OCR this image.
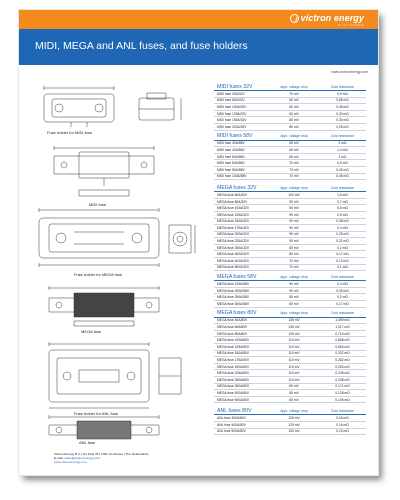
victron energy
BLUE POWER
MIDI, MEGA and ANL fuses, and fuse holders
www.victronenergy.com
Fuse holder for MIDI fuse
MIDI fuse
Fuse holder for MEGA fuse
MEGA fuse
Fuse holder for ANL fuse
ANL fuse
MIDI fuses 32V	Appr. voltage drop	Cold resistance
MIDI fuse 40A/32V	70 mV	0,9 mΩ
MIDI fuse 60A/32V	60 mV	0,55 mΩ
MIDI fuse 100A/32V	60 mV	0,45 mΩ
MIDI fuse 125A/32V	60 mV	0,30 mΩ
MIDI fuse 150A/32V	80 mV	0,30 mΩ
MIDI fuse 200A/32V	80 mV	0,25 mΩ
MIDI fuses 58V	Appr. voltage drop	Cold resistance
MIDI fuse 30A/58V	65 mV	2 mΩ
MIDI fuse 40A/58V	65 mV	1,4 mΩ
MIDI fuse 50A/58V	65 mV	1 mΩ
MIDI fuse 60A/58V	70 mV	0,9 mΩ
MIDI fuse 80A/58V	70 mV	0,42 mΩ
MIDI fuse 100A/58V	70 mV	0,45 mΩ
MEGA fuses 32V	Appr. voltage drop	Cold resistance
MEGA fuse 60A/32V	120 mV	1,5 mΩ
MEGA fuse 80A/32V	90 mV	0,7 mΩ
MEGA fuse 100A/32V	90 mV	0,6 mΩ
MEGA fuse 125A/32V	90 mV	0,5 mΩ
MEGA fuse 150A/32V	90 mV	0,38 mΩ
MEGA fuse 175A/32V	90 mV	0,3 mΩ
MEGA fuse 200A/32V	90 mV	0,25 mΩ
MEGA fuse 225A/32V	90 mV	0,22 mΩ
MEGA fuse 250A/32V	80 mV	0,2 mΩ
MEGA fuse 300A/32V	80 mV	0,17 mΩ
MEGA fuse 400A/32V	70 mV	0,13 mΩ
MEGA fuse 500A/32V	70 mV	0,1 mΩ
MEGA fuses 58V	Appr. voltage drop	Cold resistance
MEGA fuse 125A/58V	90 mV	0,4 mΩ
MEGA fuse 200A/58V	90 mV	0,25 mΩ
MEGA fuse 250A/58V	80 mV	0,2 mΩ
MEGA fuse 300A/58V	80 mV	0,17 mΩ
MEGA fuses 80V	Appr. voltage drop	Cold resistance
MEGA fuse 40A/80V	135 mV	1,459 mΩ
MEGA fuse 60A/80V	135 mV	1,017 mΩ
MEGA fuse 80A/80V	135 mV	0,716 mΩ
MEGA fuse 100A/80V	110 mV	0,868 mΩ
MEGA fuse 125A/80V	110 mV	0,653 mΩ
MEGA fuse 150A/80V	110 mV	0,332 mΩ
MEGA fuse 175A/80V	110 mV	0,282 mΩ
MEGA fuse 200A/80V	110 mV	0,253 mΩ
MEGA fuse 225A/80V	110 mV	0,235 mΩ
MEGA fuse 250A/80V	110 mV	0,208 mΩ
MEGA fuse 300A/80V	80 mV	0,171 mΩ
MEGA fuse 400A/80V	80 mV	0,128 mΩ
MEGA fuse 500A/80V	80 mV	0,106 mΩ
ANL fuses 80V	Appr. voltage drop	Cold resistance
ANL fuse 300A/80V	125 mV	0,18 mΩ
ANL fuse 400A/80V	125 mV	0,16 mΩ
ANL fuse 500A/80V	100 mV	0,13 mΩ
Victron Energy B.V. | De Paal 35 | 1351 JG Almere | The Netherlands
E-mail: sales@victronenergy.com
www.victronenergy.com
